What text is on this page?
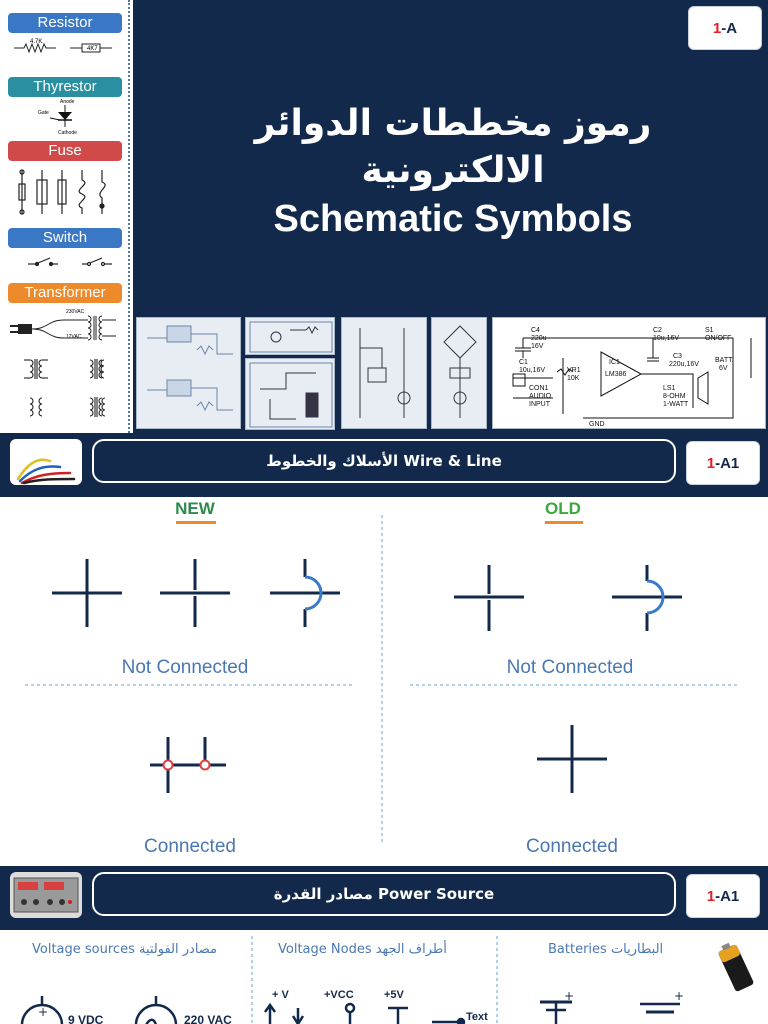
Resistor
4.7K
4K7
Thyrestor
Anode
Gate
Cathode
Fuse
Switch
Transformer
230VAC
12VAC
1-A
رموز مخططات الدوائر
الالكترونية
Schematic Symbols
C4
220u
16V
C2
10u,16V
S1
ON/OFF
C1
10u,16V	VR1
10K
IC1
LM386
C3
220u,16V
BATT.
6V
CON1
AUDIO
INPUT
LS1
8-OHM
1-WATT
GND
الأسلاك والخطوط Wire & Line	1-A1
NEW	OLD
Not Connected	Not Connected
Connected	Connected
مصادر القدرة Power Source	1-A1
Voltage sources مصادر الفولتية	Voltage Nodes أطراف الجهد	Batteries البطاريات
+
+	+
9 VDC	220 VAC
+ V	+VCC	+5V
Text
